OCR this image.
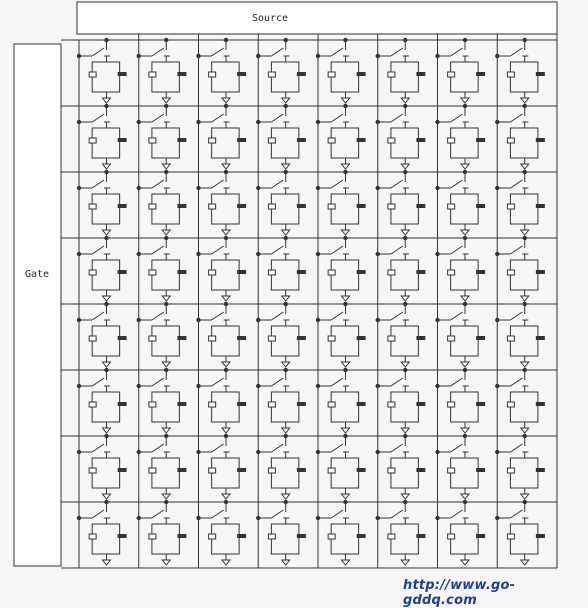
Source
Gate
http://www.go-gddq.com
